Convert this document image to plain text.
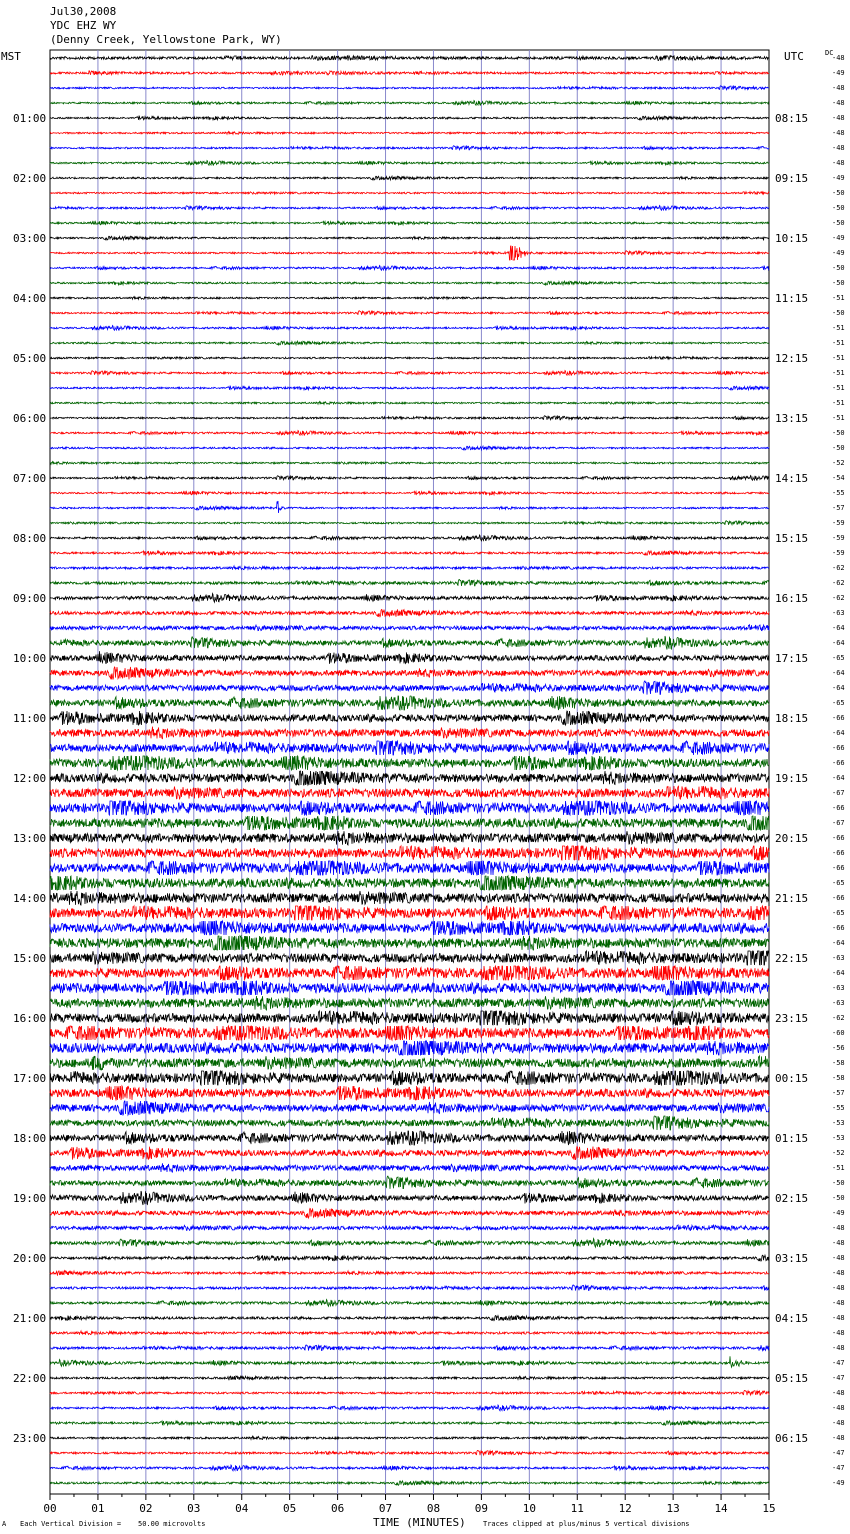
Jul30,2008
YDC EHZ WY
(Denny Creek, Yellowstone Park, WY)
MST	UTC	DC
01:00
02:00
03:00
04:00
05:00
06:00
07:00
08:00
09:00
10:00
11:00
12:00
13:00
14:00
15:00
16:00
17:00
18:00
19:00
20:00
21:00
22:00
23:00
08:15
09:15
10:15
11:15
12:15
13:15
14:15
15:15
16:15
17:15
18:15
19:15
20:15
21:15
22:15
23:15
00:15
01:15
02:15
03:15
04:15
05:15
06:15
-48
-49
-48
-48
-48
-48
-48
-48
-49
-50
-50
-50
-49
-49
-50
-50
-51
-50
-51
-51
-51
-51
-51
-51
-51
-50
-50
-52
-54
-55
-57
-59
-59
-59
-62
-62
-62
-63
-64
-64
-65
-64
-64
-65
-66
-64
-66
-66
-64
-67
-66
-67
-66
-66
-66
-65
-66
-65
-66
-64
-63
-64
-63
-63
-62
-60
-56
-58
-58
-57
-55
-53
-53
-52
-51
-50
-50
-49
-48
-48
-48
-48
-48
-48
-48
-48
-48
-47
-47
-48
-48
-48
-48
-47
-47
-49
00	01	02	03	04	05	06	07	08	09	10	11	12	13	14	15
TIME (MINUTES)
Each Vertical Division =    50.00 microvolts
A	Traces clipped at plus/minus 5 vertical divisions
